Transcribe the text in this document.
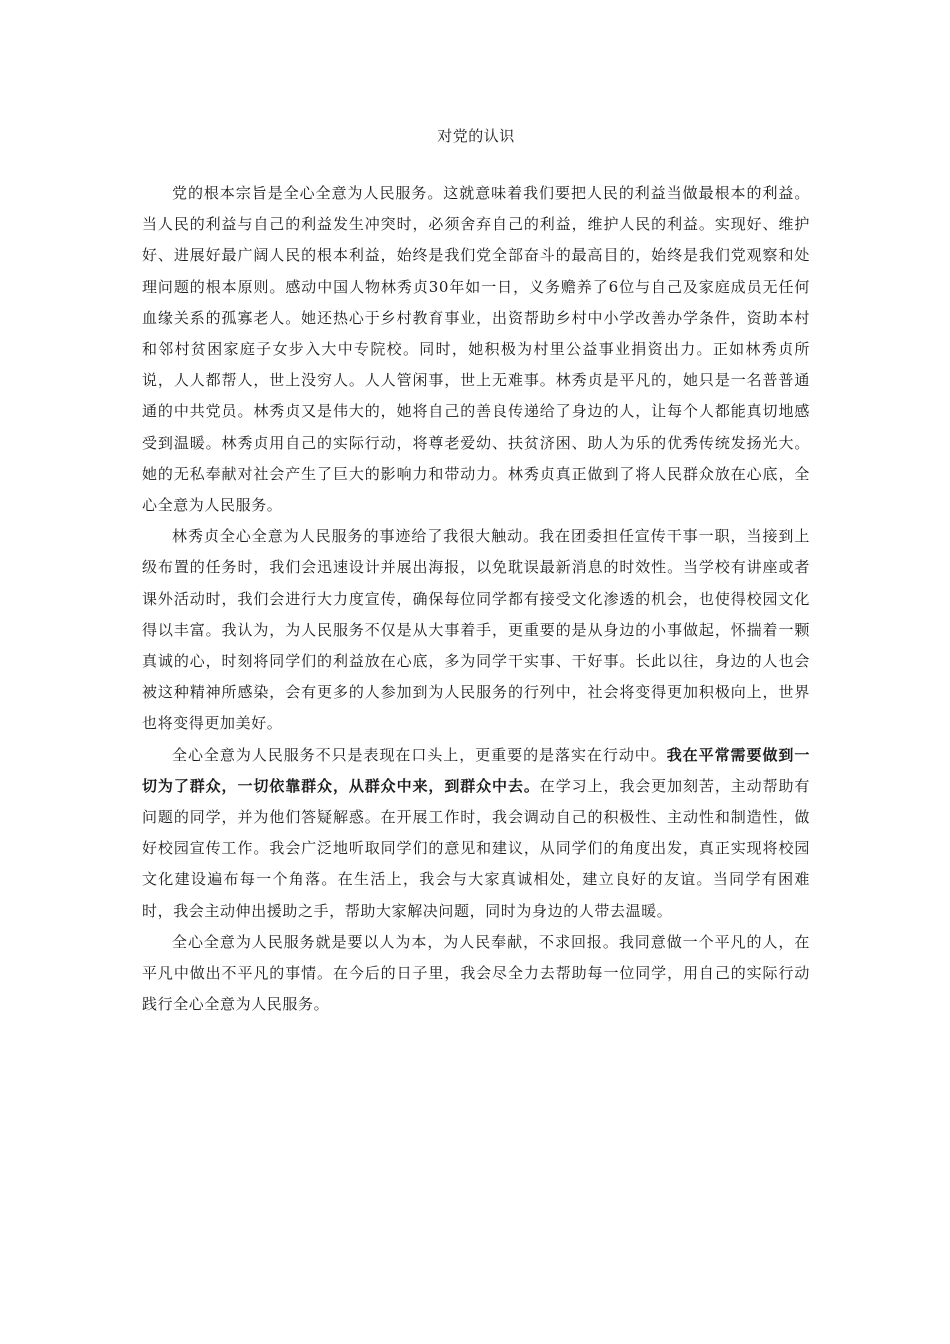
对党的认识

党的根本宗旨是全心全意为人民服务。这就意味着我们要把人民的利益当做最根本的利益。当人民的利益与自己的利益发生冲突时，必须舍弃自己的利益，维护人民的利益。实现好、维护好、进展好最广阔人民的根本利益，始终是我们党全部奋斗的最高目的，始终是我们党观察和处理问题的根本原则。感动中国人物林秀贞30年如一日，义务赡养了6位与自己及家庭成员无任何血缘关系的孤寡老人。她还热心于乡村教育事业，出资帮助乡村中小学改善办学条件，资助本村和邻村贫困家庭子女步入大中专院校。同时，她积极为村里公益事业捐资出力。正如林秀贞所说，人人都帮人，世上没穷人。人人管闲事，世上无难事。林秀贞是平凡的，她只是一名普普通通的中共党员。林秀贞又是伟大的，她将自己的善良传递给了身边的人，让每个人都能真切地感受到温暖。林秀贞用自己的实际行动，将尊老爱幼、扶贫济困、助人为乐的优秀传统发扬光大。她的无私奉献对社会产生了巨大的影响力和带动力。林秀贞真正做到了将人民群众放在心底，全心全意为人民服务。

林秀贞全心全意为人民服务的事迹给了我很大触动。我在团委担任宣传干事一职，当接到上级布置的任务时，我们会迅速设计并展出海报，以免耽误最新消息的时效性。当学校有讲座或者课外活动时，我们会进行大力度宣传，确保每位同学都有接受文化渗透的机会，也使得校园文化得以丰富。我认为，为人民服务不仅是从大事着手，更重要的是从身边的小事做起，怀揣着一颗真诚的心，时刻将同学们的利益放在心底，多为同学干实事、干好事。长此以往，身边的人也会被这种精神所感染，会有更多的人参加到为人民服务的行列中，社会将变得更加积极向上，世界也将变得更加美好。

全心全意为人民服务不只是表现在口头上，更重要的是落实在行动中。我在平常需要做到一切为了群众，一切依靠群众，从群众中来，到群众中去。在学习上，我会更加刻苦，主动帮助有问题的同学，并为他们答疑解惑。在开展工作时，我会调动自己的积极性、主动性和制造性，做好校园宣传工作。我会广泛地听取同学们的意见和建议，从同学们的角度出发，真正实现将校园文化建设遍布每一个角落。在生活上，我会与大家真诚相处，建立良好的友谊。当同学有困难时，我会主动伸出援助之手，帮助大家解决问题，同时为身边的人带去温暖。

全心全意为人民服务就是要以人为本，为人民奉献，不求回报。我同意做一个平凡的人，在平凡中做出不平凡的事情。在今后的日子里，我会尽全力去帮助每一位同学，用自己的实际行动践行全心全意为人民服务。
